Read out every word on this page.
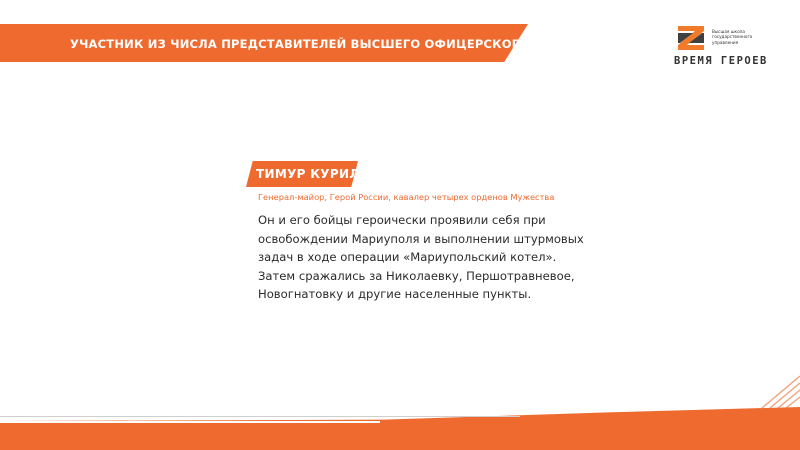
УЧАСТНИК ИЗ ЧИСЛА ПРЕДСТАВИТЕЛЕЙ ВЫСШЕГО ОФИЦЕРСКОГО СОСТАВА
Высшая школа
государственного
управления
ВРЕМЯ ГЕРОЕВ
ТИМУР КУРИЛКИН
Генерал-майор, Герой России, кавалер четырех орденов Мужества
Он и его бойцы героически проявили себя при
освобождении Мариуполя и выполнении штурмовых
задач в ходе операции «Мариупольский котел».
Затем сражались за Николаевку, Першотравневое,
Новогнатовку и другие населенные пункты.
